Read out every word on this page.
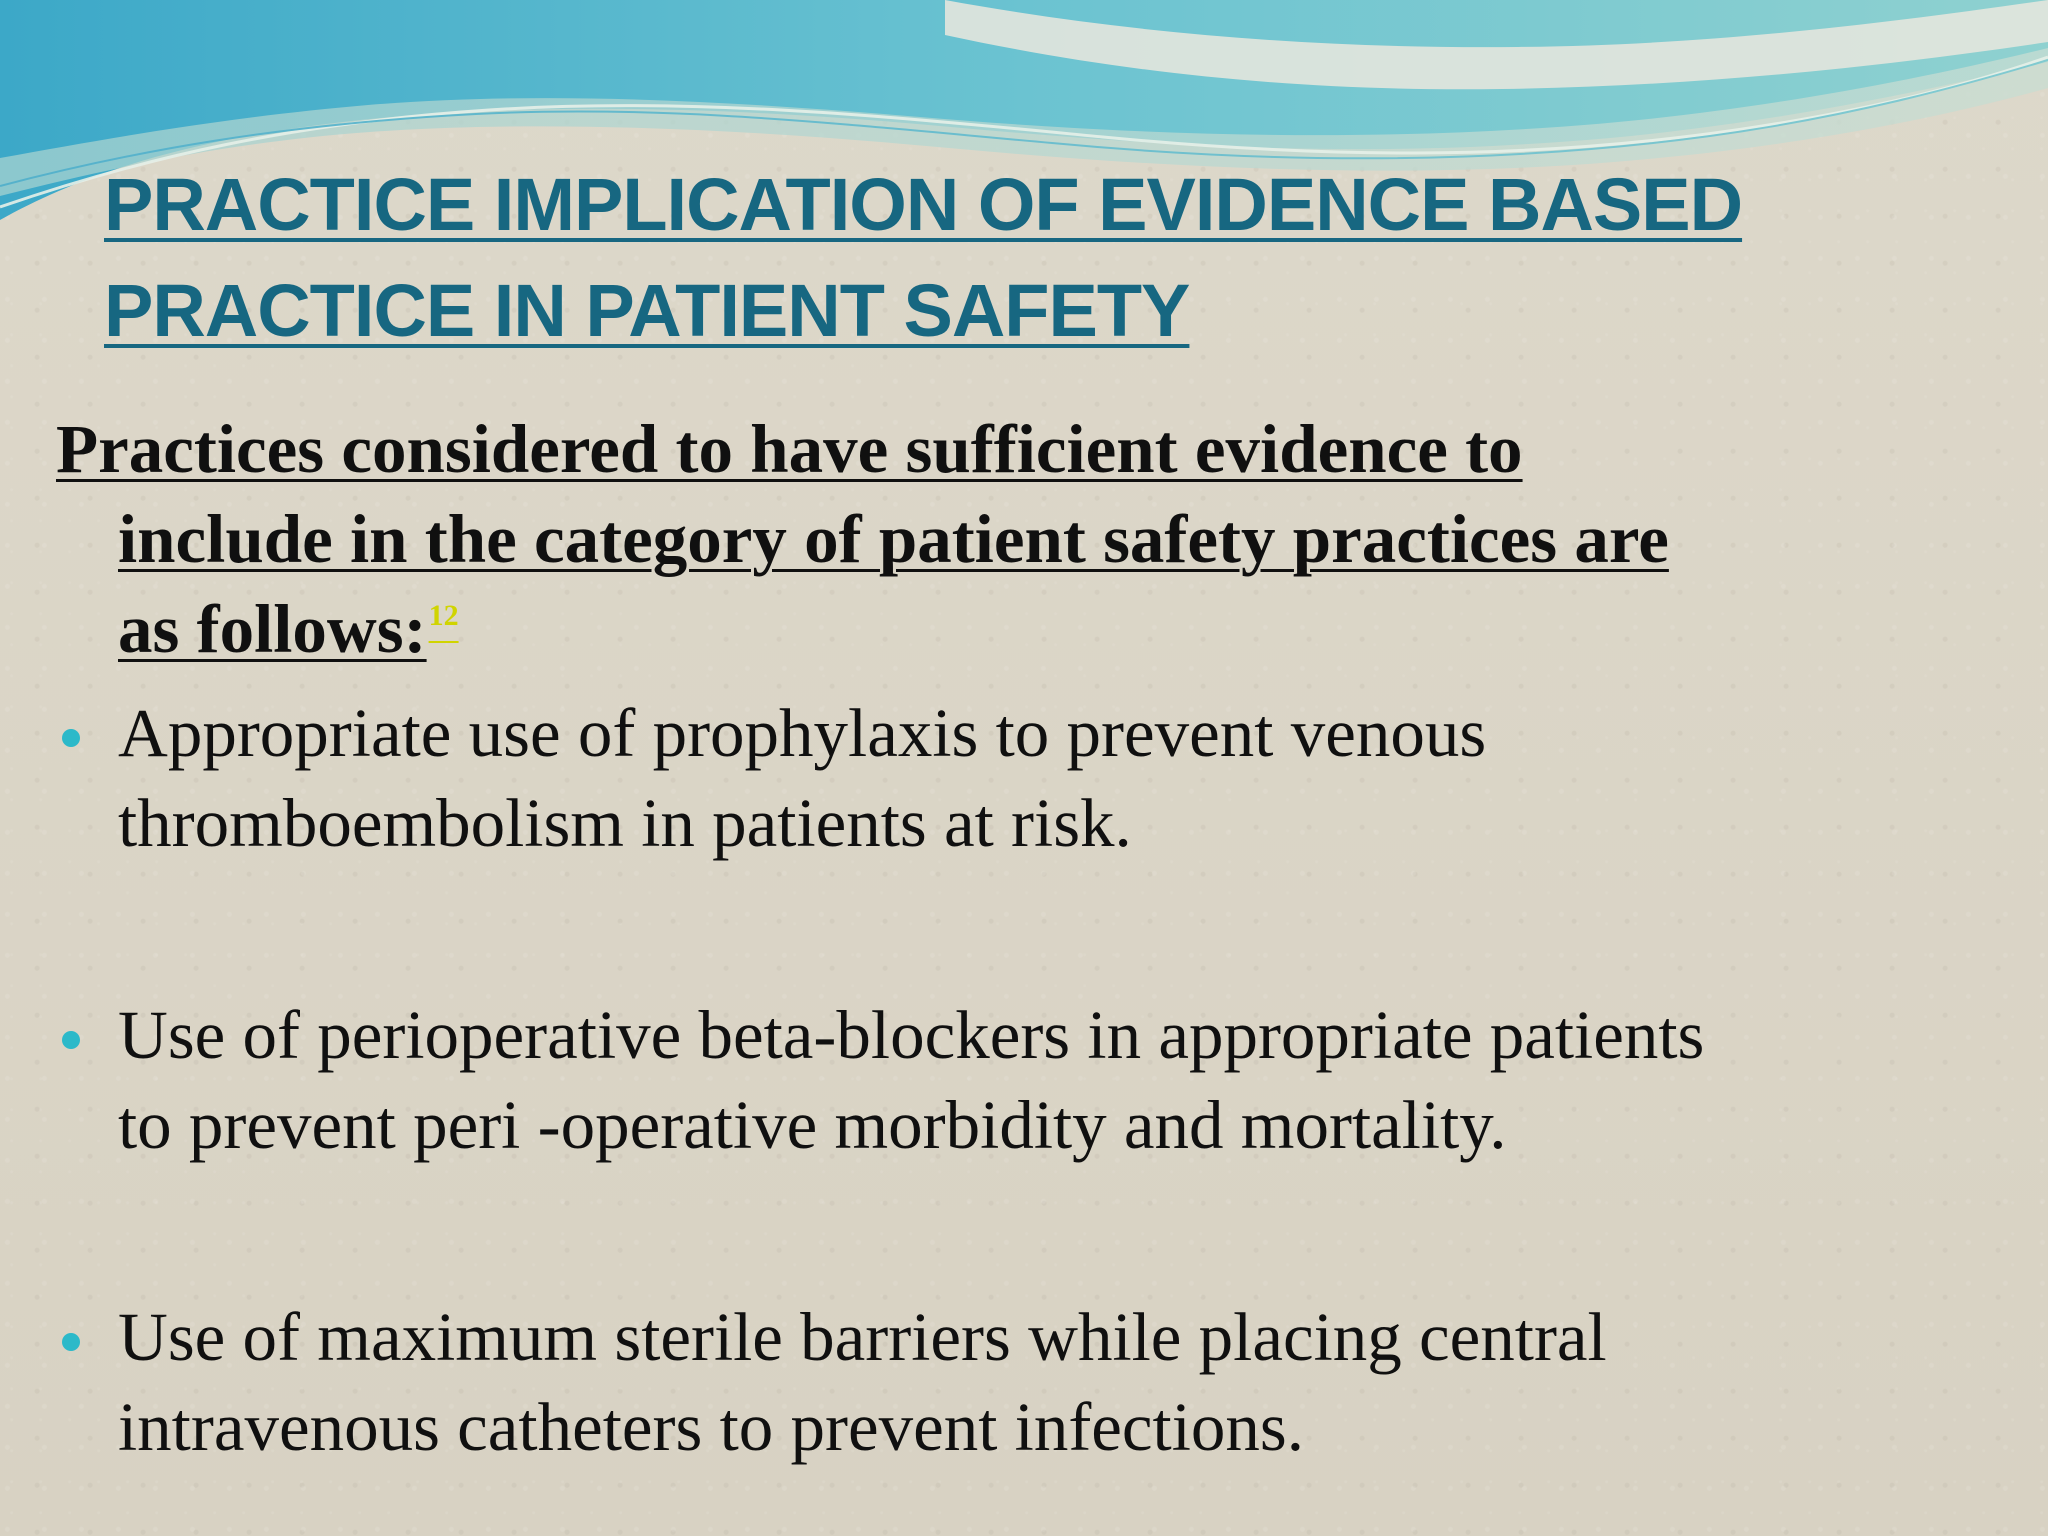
PRACTICE IMPLICATION OF EVIDENCE BASED
PRACTICE IN PATIENT SAFETY

Practices considered to have sufficient evidence to
include in the category of patient safety practices are
as follows:12

Appropriate use of prophylaxis to prevent venous
thromboembolism in patients at risk.
Use of perioperative beta-blockers in appropriate patients
to prevent peri -operative morbidity and mortality.
Use of maximum sterile barriers while placing central
intravenous catheters to prevent infections.
